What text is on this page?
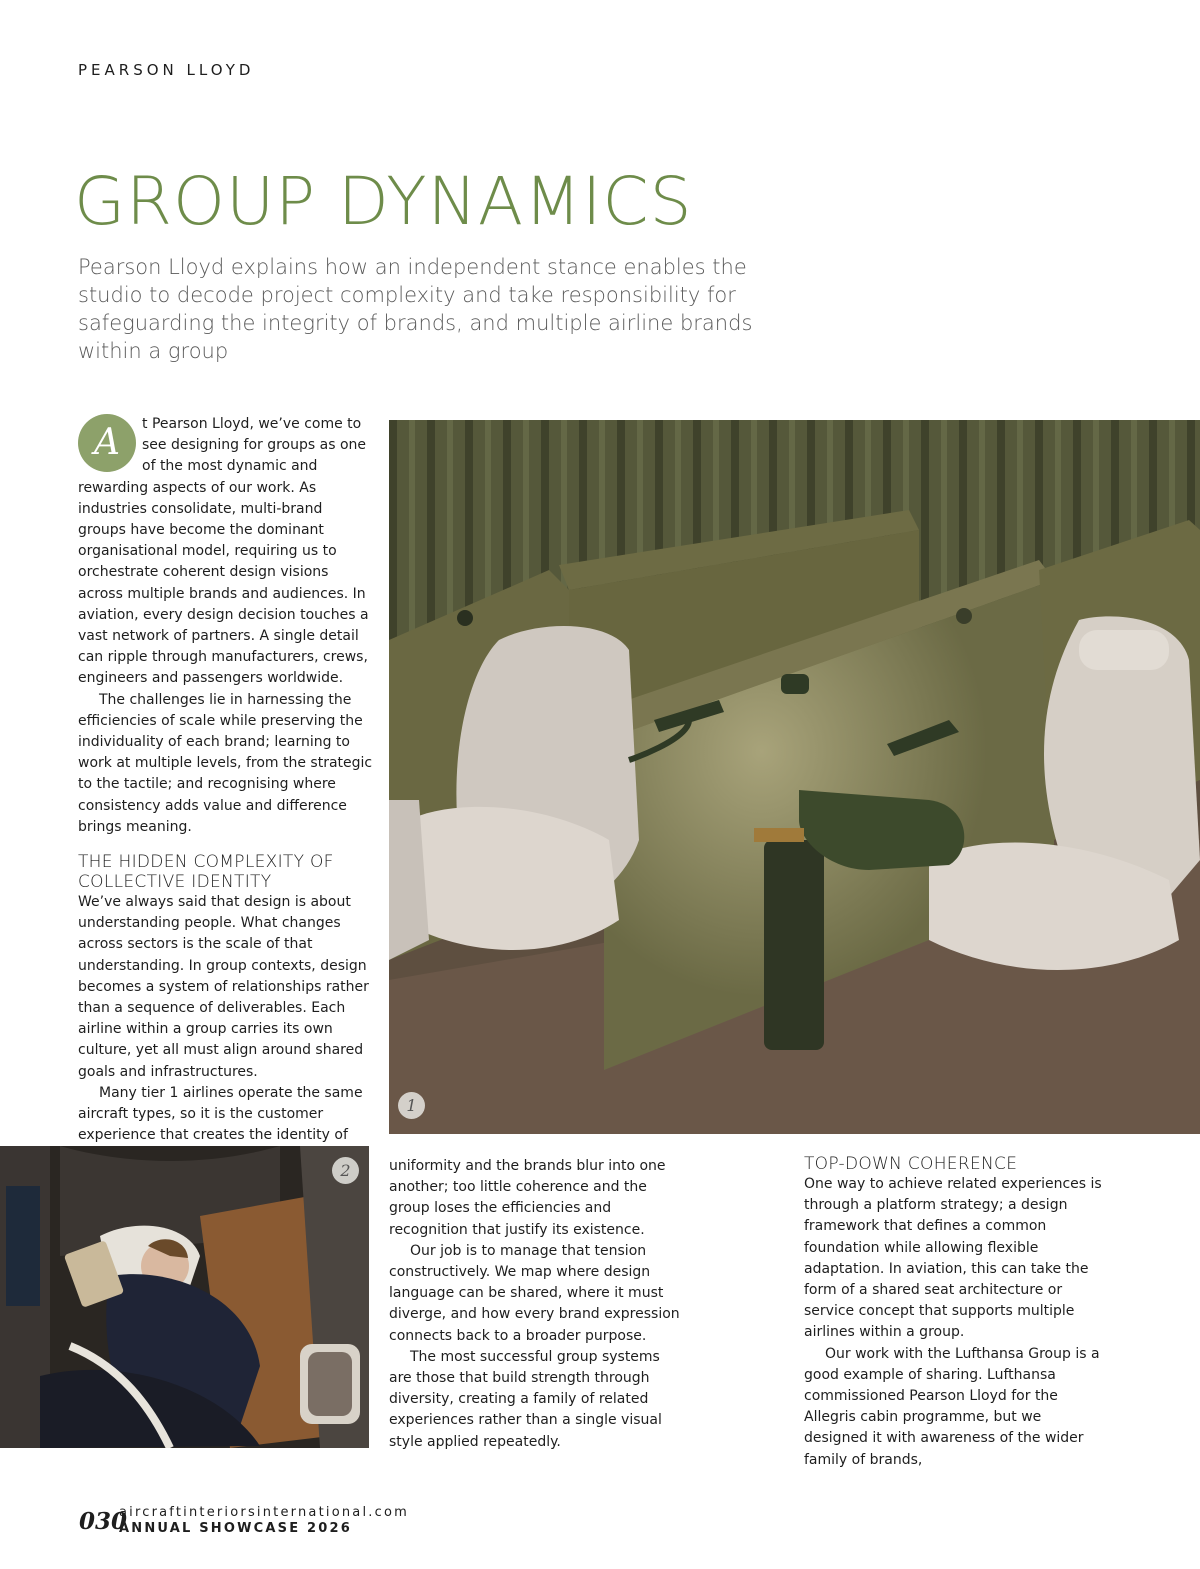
PEARSON LLOYD

GROUP DYNAMICS

Pearson Lloyd explains how an independent stance enables the studio to decode project complexity and take responsibility for safeguarding the integrity of brands, and multiple airline brands within a group

A	t Pearson Lloyd, we’ve come to see designing for groups as one of the most dynamic and rewarding aspects of our work. As industries consolidate, multi-brand groups have become the dominant organisational model, requiring us to orchestrate coherent design visions across multiple brands and audiences. In aviation, every design decision touches a vast network of partners. A single detail can ripple through manufacturers, crews, engineers and passengers worldwide.

The challenges lie in harnessing the efficiencies of scale while preserving the individuality of each brand; learning to work at multiple levels, from the strategic to the tactile; and recognising where consistency adds value and difference brings meaning.

THE HIDDEN COMPLEXITY OF COLLECTIVE IDENTITY

We’ve always said that design is about understanding people. What changes across sectors is the scale of that understanding. In group contexts, design becomes a system of relationships rather than a sequence of deliverables. Each airline within a group carries its own culture, yet all must align around shared goals and infrastructures.

Many tier 1 airlines operate the same aircraft types, so it is the customer experience that creates the identity of

1
2	uniformity and the brands blur into one another; too little coherence and the group loses the efficiencies and recognition that justify its existence.

Our job is to manage that tension constructively. We map where design language can be shared, where it must diverge, and how every brand expression connects back to a broader purpose.

The most successful group systems are those that build strength through diversity, creating a family of related experiences rather than a single visual style applied repeatedly.

TOP-DOWN COHERENCE

One way to achieve related experiences is through a platform strategy; a design framework that defines a common foundation while allowing flexible adaptation. In aviation, this can take the form of a shared seat architecture or service concept that supports multiple airlines within a group.

Our work with the Lufthansa Group is a good example of sharing. Lufthansa commissioned Pearson Lloyd for the Allegris cabin programme, but we designed it with awareness of the wider family of brands,

030

aircraftinteriorsinternational.com

ANNUAL SHOWCASE 2026
